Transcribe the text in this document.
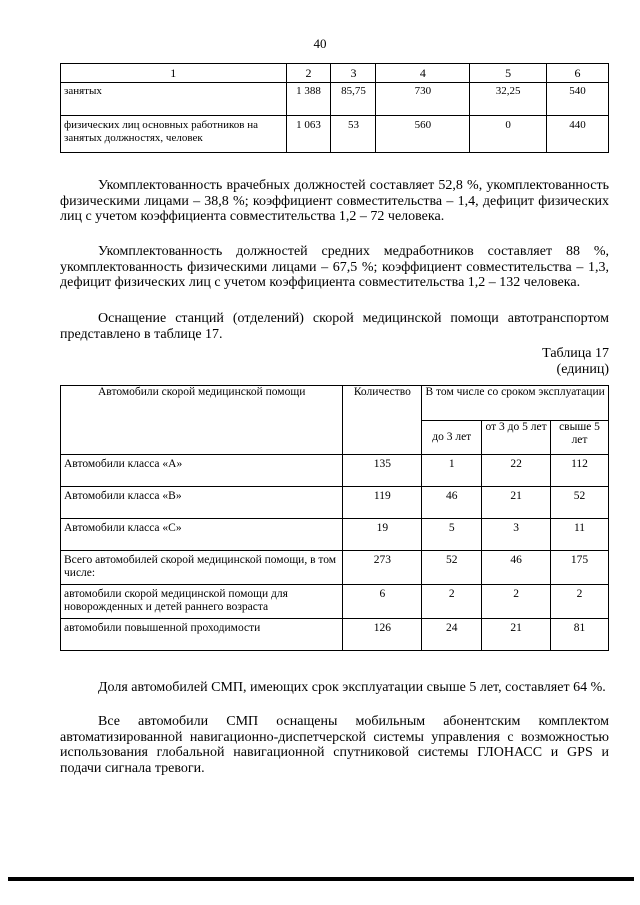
40
1	2	3	4	5	6
занятых	1 388	85,75	730	32,25	540
физических лиц основных работников на занятых должностях, человек	1 063	53	560	0	440

Укомплектованность врачебных должностей составляет 52,8 %, укомплектованность физическими лицами – 38,8 %; коэффициент совместительства – 1,4, дефицит физических лиц с учетом коэффициента совместительства 1,2 – 72 человека.

Укомплектованность должностей средних медработников составляет 88 %, укомплектованность физическими лицами – 67,5 %; коэффициент совместительства – 1,3, дефицит физических лиц с учетом коэффициента совместительства 1,2 – 132 человека.

Оснащение станций (отделений) скорой медицинской помощи автотранспортом представлено в таблице 17.

Таблица 17
(единиц)
Автомобили скорой медицинской помощи	Количество	В том числе со сроком эксплуатации		
		до 3 лет	от 3 до 5 лет	свыше 5 лет
Автомобили класса «А»	135	1	22	112
Автомобили класса «В»	119	46	21	52
Автомобили класса «С»	19	5	3	11
Всего автомобилей скорой медицинской помощи, в том числе:	273	52	46	175
автомобили скорой медицинской помощи для новорожденных и детей раннего возраста	6	2	2	2
автомобили повышенной проходимости	126	24	21	81

Доля автомобилей СМП, имеющих срок эксплуатации свыше 5 лет, составляет 64 %.

Все автомобили СМП оснащены мобильным абонентским комплектом автоматизированной навигационно-диспетчерской системы управления с возможностью использования глобальной навигационной спутниковой системы ГЛОНАСС и GPS и подачи сигнала тревоги.
